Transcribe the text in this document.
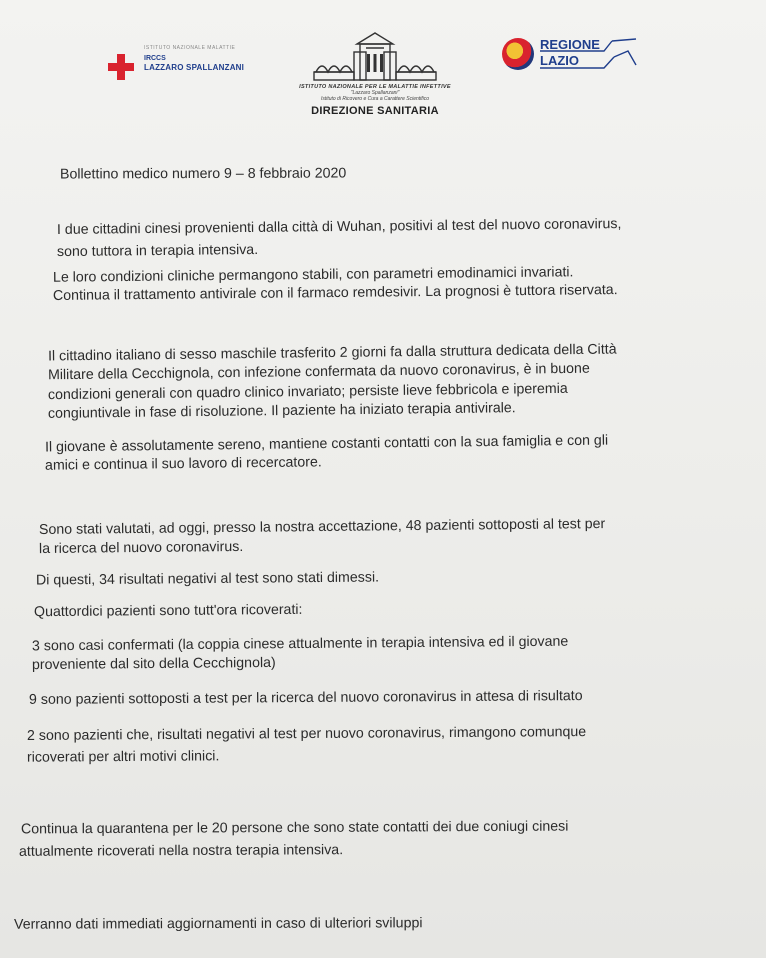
ISTITUTO NAZIONALE MALATTIE
IRCCS
LAZZARO SPALLANZANI
ISTITUTO NAZIONALE PER LE MALATTIE INFETTIVE
"Lazzaro Spallanzani"
Istituto di Ricovero e Cura a Carattere Scientifico
DIREZIONE SANITARIA
REGIONE
LAZIO
Bollettino medico numero 9 – 8 febbraio 2020
I due cittadini cinesi provenienti dalla città di Wuhan, positivi al test del nuovo coronavirus,
sono tuttora in terapia intensiva.
Le loro condizioni cliniche permangono stabili, con parametri emodinamici invariati.
Continua il trattamento antivirale con il farmaco remdesivir. La prognosi è tuttora riservata.
Il cittadino italiano di sesso maschile trasferito 2 giorni fa dalla struttura dedicata della Città
Militare della Cecchignola, con infezione confermata da nuovo coronavirus, è in buone
condizioni generali con quadro clinico invariato; persiste lieve febbricola e iperemia
congiuntivale in fase di risoluzione. Il paziente ha iniziato terapia antivirale.
Il giovane è assolutamente sereno, mantiene costanti contatti con la sua famiglia e con gli
amici e continua il suo lavoro di recercatore.
Sono stati valutati, ad oggi, presso la nostra accettazione, 48 pazienti sottoposti al test per
la ricerca del nuovo coronavirus.
Di questi, 34 risultati negativi al test sono stati dimessi.
Quattordici pazienti sono tutt'ora ricoverati:
3 sono casi confermati (la coppia cinese attualmente in terapia intensiva ed il giovane
proveniente dal sito della Cecchignola)
9 sono pazienti sottoposti a test per la ricerca del nuovo coronavirus in attesa di risultato
2 sono pazienti che, risultati negativi al test per nuovo coronavirus, rimangono comunque
ricoverati per altri motivi clinici.
Continua la quarantena per le 20 persone che sono state contatti dei due coniugi cinesi
attualmente ricoverati nella nostra terapia intensiva.
Verranno dati immediati aggiornamenti in caso di ulteriori sviluppi
